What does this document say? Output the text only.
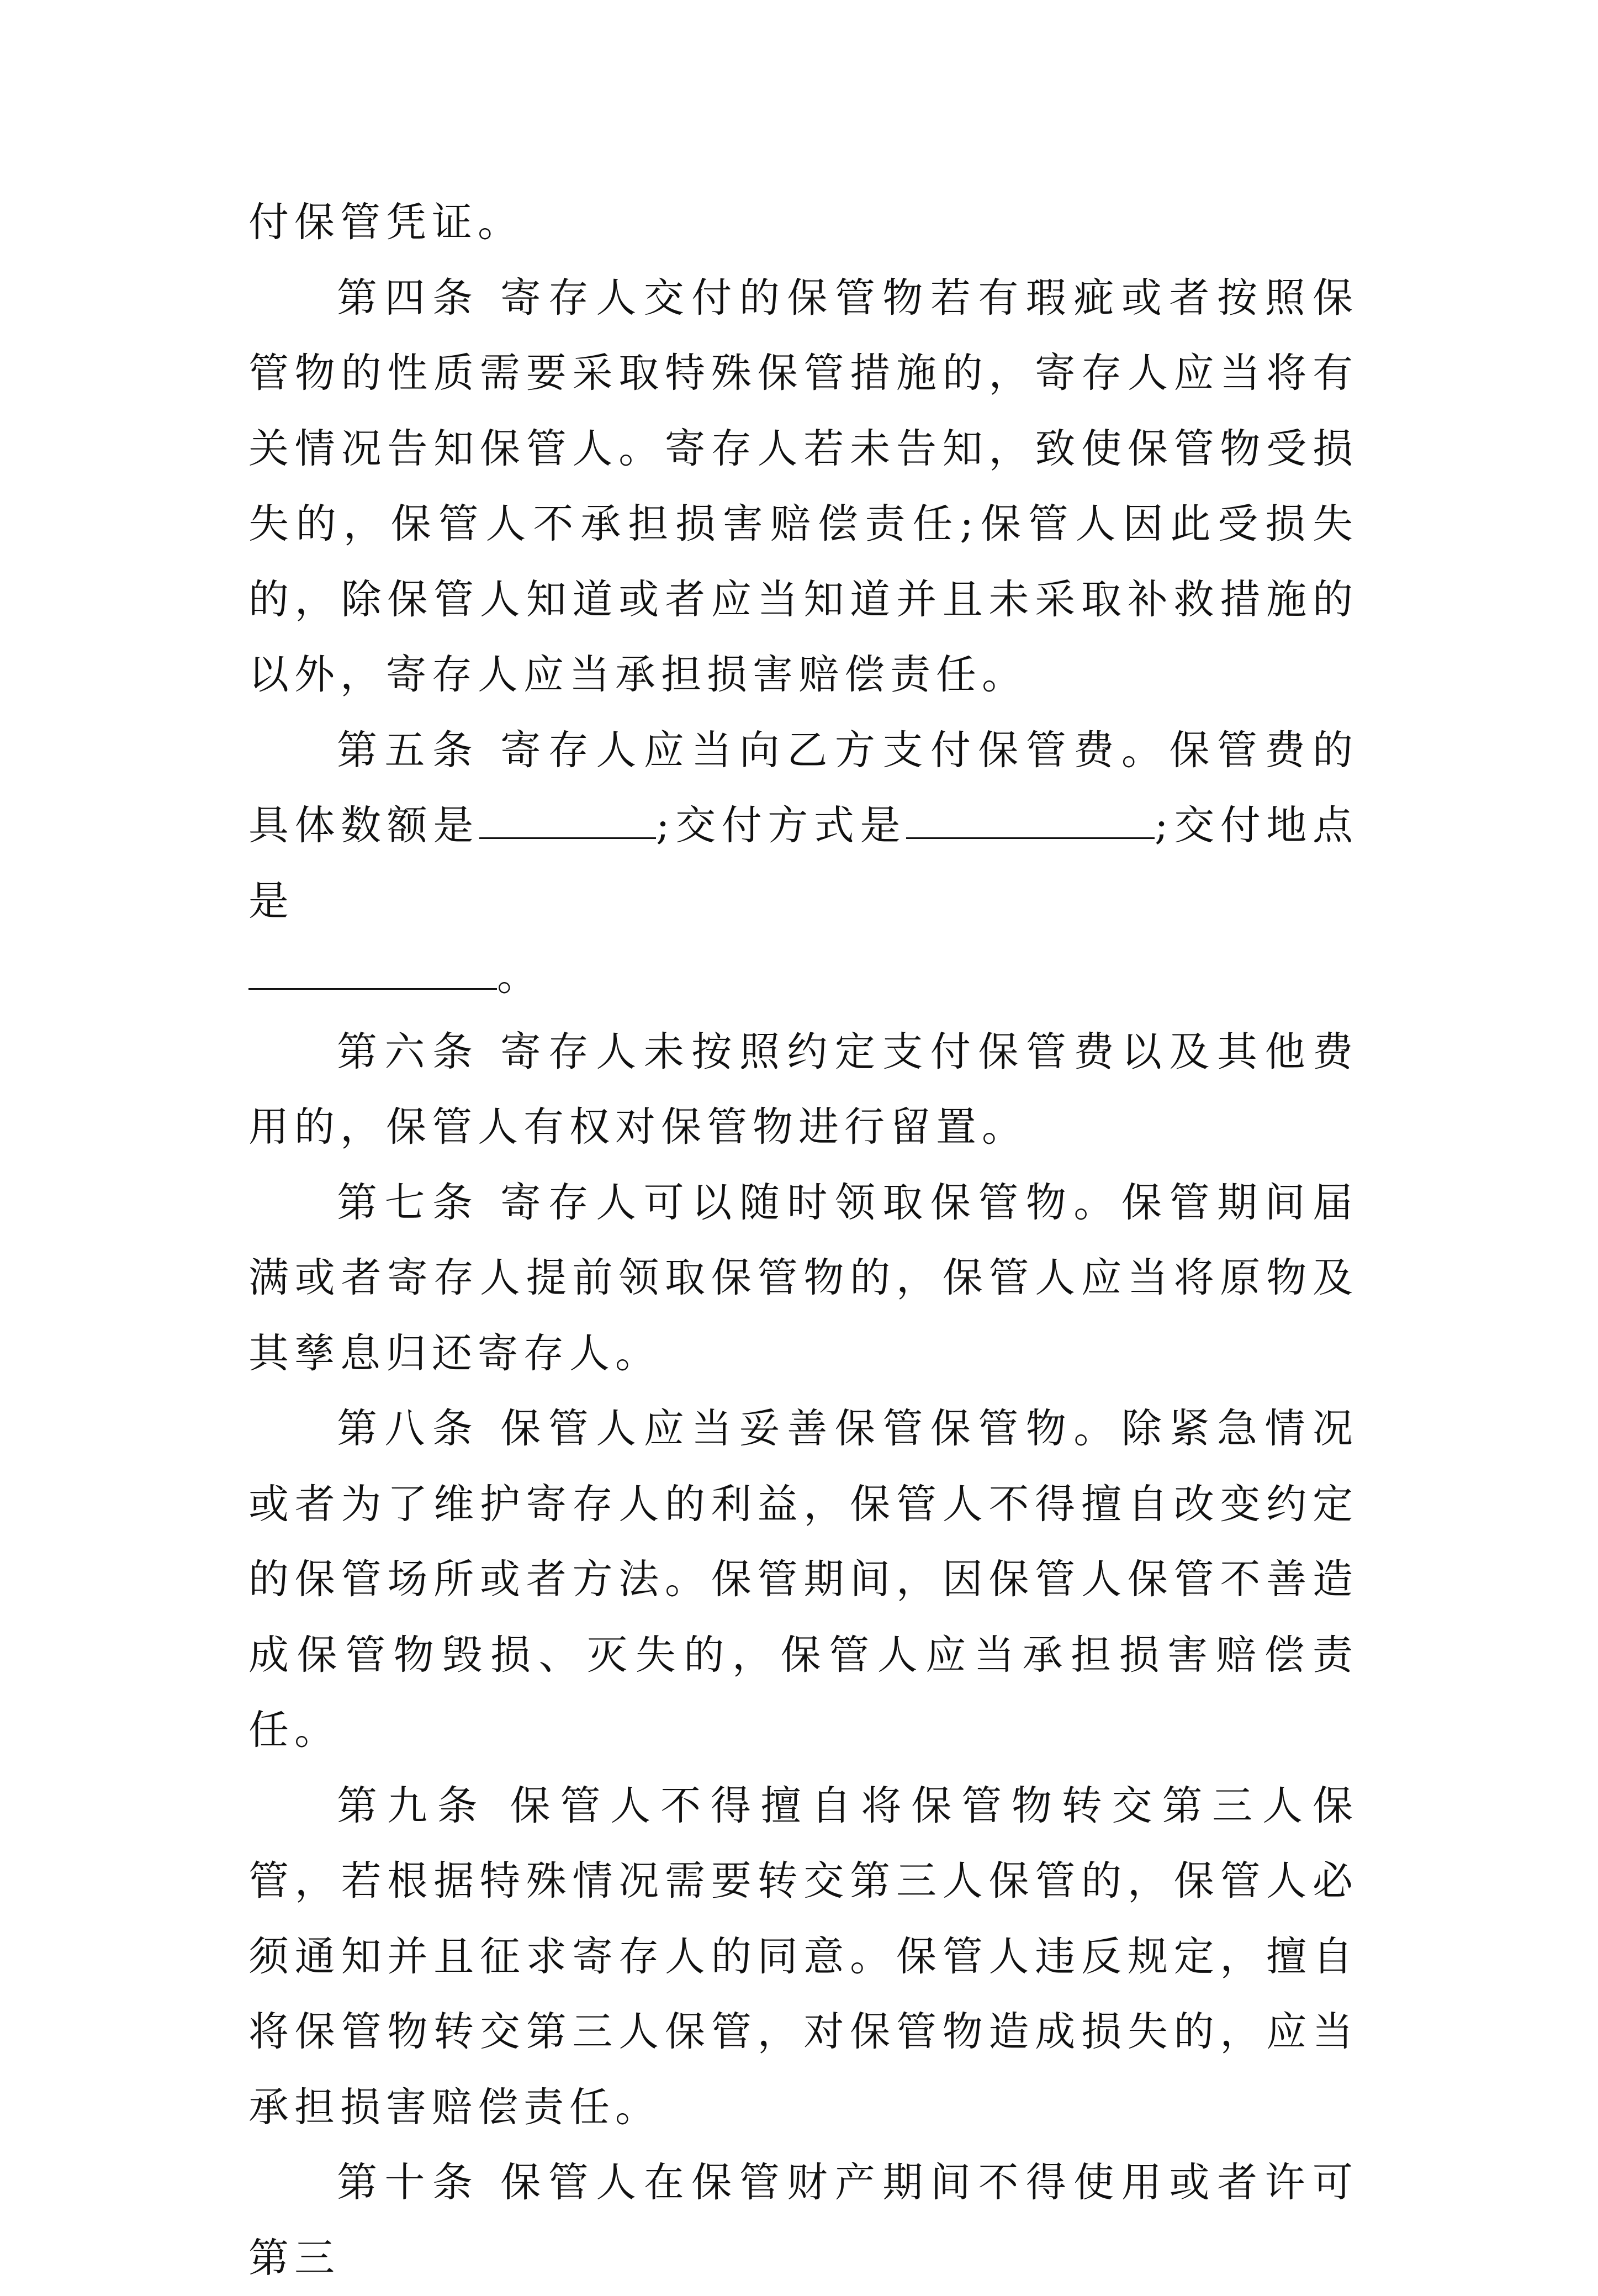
付保管凭证。

第四条 寄存人交付的保管物若有瑕疵或者按照保管物的性质需要采取特殊保管措施的，寄存人应当将有关情况告知保管人。寄存人若未告知，致使保管物受损失的，保管人不承担损害赔偿责任;保管人因此受损失的，除保管人知道或者应当知道并且未采取补救措施的以外，寄存人应当承担损害赔偿责任。

第五条 寄存人应当向乙方支付保管费。保管费的具体数额是	;交付方式是	;交付地点是
。

第六条 寄存人未按照约定支付保管费以及其他费用的，保管人有权对保管物进行留置。

第七条 寄存人可以随时领取保管物。保管期间届满或者寄存人提前领取保管物的，保管人应当将原物及其孳息归还寄存人。

第八条 保管人应当妥善保管保管物。除紧急情况或者为了维护寄存人的利益，保管人不得擅自改变约定的保管场所或者方法。保管期间，因保管人保管不善造成保管物毁损、灭失的，保管人应当承担损害赔偿责任。

第九条 保管人不得擅自将保管物转交第三人保管，若根据特殊情况需要转交第三人保管的，保管人必须通知并且征求寄存人的同意。保管人违反规定，擅自将保管物转交第三人保管，对保管物造成损失的，应当承担损害赔偿责任。

第十条 保管人在保管财产期间不得使用或者许可第三
